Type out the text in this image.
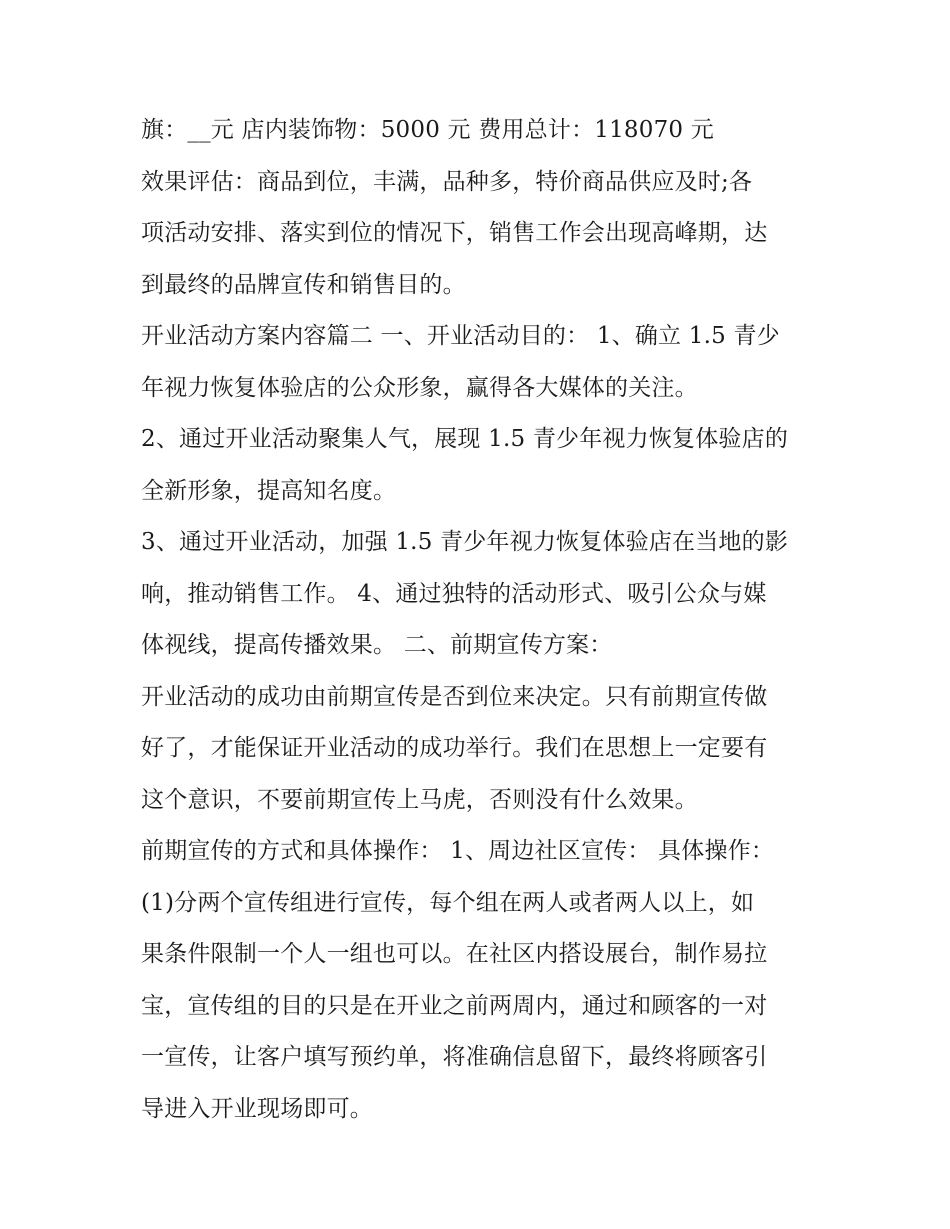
旗：__元 店内装饰物：5000 元 费用总计：118070 元
效果评估：商品到位，丰满，品种多，特价商品供应及时;各
项活动安排、落实到位的情况下，销售工作会出现高峰期，达
到最终的品牌宣传和销售目的。
开业活动方案内容篇二 一、开业活动目的： 1、确立 1.5 青少
年视力恢复体验店的公众形象，赢得各大媒体的关注。
2、通过开业活动聚集人气，展现 1.5 青少年视力恢复体验店的
全新形象，提高知名度。
3、通过开业活动，加强 1.5 青少年视力恢复体验店在当地的影
响，推动销售工作。 4、通过独特的活动形式、吸引公众与媒
体视线，提高传播效果。 二、前期宣传方案：
开业活动的成功由前期宣传是否到位来决定。只有前期宣传做
好了，才能保证开业活动的成功举行。我们在思想上一定要有
这个意识，不要前期宣传上马虎，否则没有什么效果。
前期宣传的方式和具体操作： 1、周边社区宣传： 具体操作：
(1)分两个宣传组进行宣传，每个组在两人或者两人以上，如
果条件限制一个人一组也可以。在社区内搭设展台，制作易拉
宝，宣传组的目的只是在开业之前两周内，通过和顾客的一对
一宣传，让客户填写预约单，将准确信息留下，最终将顾客引
导进入开业现场即可。
